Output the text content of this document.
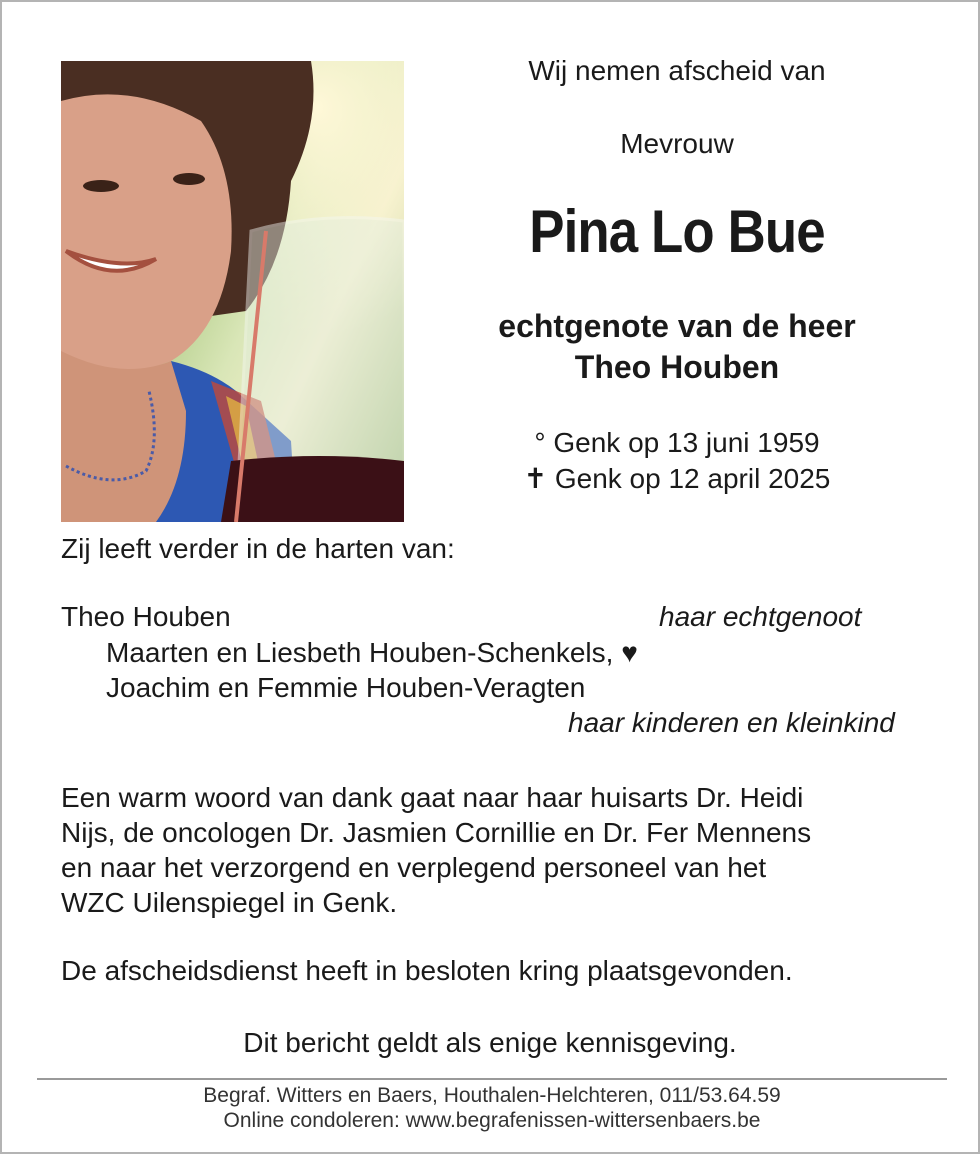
Wij nemen afscheid van
Mevrouw
Pina Lo Bue
echtgenote van de heer
Theo Houben
° Genk op 13 juni 1959
✝ Genk op 12 april 2025
Zij leeft verder in de harten van:
Theo Houben	haar echtgenoot
Maarten en Liesbeth Houben-Schenkels, ♥
Joachim en Femmie Houben-Veragten
haar kinderen en kleinkind
Een warm woord van dank gaat naar haar huisarts Dr. Heidi
Nijs, de oncologen Dr. Jasmien Cornillie en Dr. Fer Mennens
en naar het verzorgend en verplegend personeel van het
WZC Uilenspiegel in Genk.
De afscheidsdienst heeft in besloten kring plaatsgevonden.
Dit bericht geldt als enige kennisgeving.
Begraf. Witters en Baers, Houthalen-Helchteren, 011/53.64.59
Online condoleren: www.begrafenissen-wittersenbaers.be
